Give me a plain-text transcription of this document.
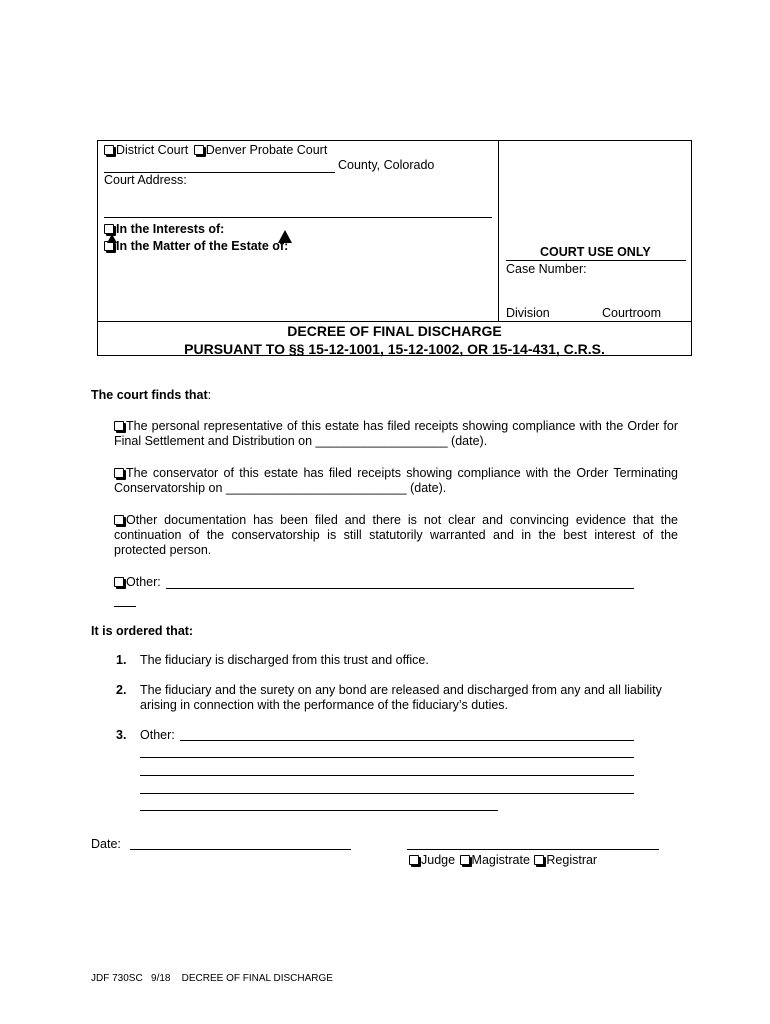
District Court Denver Probate Court
County, Colorado
Court Address:
In the Interests of:
In the Matter of the Estate of:	COURT USE ONLY
Case Number:
Division	Courtroom
DECREE OF FINAL DISCHARGE
PURSUANT TO §§ 15-12-1001, 15-12-1002, OR 15-14-431, C.R.S.
The court finds that:
The personal representative of this estate has filed receipts showing compliance with the Order for
Final Settlement and Distribution on ___________________ (date).
The conservator of this estate has filed receipts showing compliance with the Order Terminating
Conservatorship on __________________________ (date).
Other documentation has been filed and there is not clear and convincing evidence that the continuation of the conservatorship is still statutorily warranted and in the best interest of the protected person.
Other:
It is ordered that:
1. The fiduciary is discharged from this trust and office.
2. The fiduciary and the surety on any bond are released and discharged from any and all liability arising in connection with the performance of the fiduciary’s duties.
3. Other:
Date:
Judge Magistrate Registrar
JDF 730SC 9/18 DECREE OF FINAL DISCHARGE
